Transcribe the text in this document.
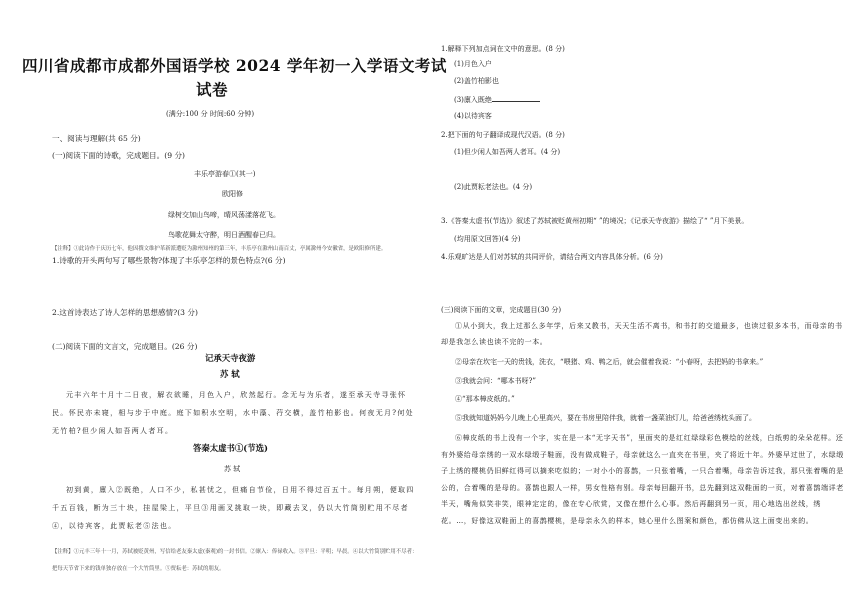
四川省成都市成都外国语学校 2024 学年初一入学语文考试
试卷
(满分:100 分 时间:60 分钟)
一、阅读与理解(共 65 分)
(一)阅读下面的诗歌，完成题目。(9 分)
丰乐亭游春①(其一)
欧阳修
绿树交加山鸟啼，晴风荡漾落花飞。
鸟歌花舞太守醉，明日酒醒春已归。
【注释】①此诗作于庆历七年，他因撰文维护革新派遭贬为滁州知州的第三年，丰乐亭在滁州山南百丈，亭属滁州今安徽省，是欧阳修所建。
1.诗歌的开头两句写了哪些景物?体现了丰乐亭怎样的景色特点?(6 分)
2.这首诗表达了诗人怎样的思想感情?(3 分)
(二)阅读下面的文言文，完成题目。(26 分)
记承天寺夜游
苏 轼
元丰六年十月十二日夜，解衣欲睡，月色入户，欣然起行。念无与为乐者，遂至承天寺寻张怀民。怀民亦未寝，相与步于中庭。庭下如积水空明，水中藻、荇交横，盖竹柏影也。何夜无月?何处无竹柏?但少闲人如吾两人者耳。
答秦太虚书①(节选)
苏 轼
初到黄，廪入②既绝，人口不少，私甚忧之，但痛自节俭，日用不得过百五十。每月朔，便取四千五百钱，断为三十块，挂屋梁上，平旦③用画叉挑取一块，即藏去叉，仍以大竹筒别贮用不尽者④，以待宾客，此贾耘老⑤法也。
【注释】①元丰三年十一月，苏轼被贬黄州，写信给老友秦太虚(秦观)的一封书信。②廪入：俸禄收入。③平旦：平明；早晨。④以大竹筒别贮用不尽者：把每天节省下来的钱单独存放在一个大竹筒里。⑤贾耘老：苏轼的朋友。
1.解释下列加点词在文中的意思。(8 分)
(1)月色入户
(2)盖竹柏影也
(3)廪入既绝
(4)以待宾客
2.把下面的句子翻译成现代汉语。(8 分)
(1)但少闲人如吾两人者耳。(4 分)
(2)此贾耘老法也。(4 分)
3.《答秦太虚书(节选)》叙述了苏轼被贬黄州初期“ ”的境况；《记承天寺夜游》描绘了“ ”月下美景。
(均用原文回答)(4 分)
4.乐观旷达是人们对苏轼的共同评价，请结合两文内容具体分析。(6 分)
(三)阅读下面的文章，完成题目(30 分)
①从小到大，我上过那么多年学，后来又教书，天天生活不离书，和书打的交道最多，也读过很多本书，而母亲的书却是我怎么读也读不完的一本。
②母亲在坎宅一天的贵钱，洗衣，“喂猪、鸡、鸭之后，就会催着我说：“小春呀，去把妈的书拿来。”
③我就会问：“哪本书呀?”
④“那本樟皮纸的。”
⑤我就知道妈妈今儿晚上心里高兴，要在书房里陪伴我，就着一盏菜油灯儿，给爸爸绣枕头面了。
⑥樟皮纸的书上没有一个字，实在是一本“无字天书”，里面夹的是红红绿绿彩色模绘的丝线，白纸剪的朵朵花样。还有外婆给母亲绣的一双水绿缎子鞋面，没有做成鞋子，母亲就这么一直夹在书里，夹了将近十年。外婆早过世了，水绿缎子上绣的樱桃仍旧鲜红得可以摘来吃似的；一对小小的喜鹊，一只张着嘴，一只合着嘴，母亲告诉过我，那只张着嘴的是公的，合着嘴的是母的。喜鹊也跟人一样，男女性格有别。母亲每回翻开书，总先翻到这双鞋面的一页，对着喜鹊端详老半天，嘴角似笑非笑，眼神定定的，像在专心欣赏，又像在想什么心事。然后再翻到另一页，用心地选出丝线，绣花。…，好像这双鞋面上的喜鹊樱桃，是母亲永久的样本，她心里什么图案和颜色，都仿佛从这上面变出来的。
